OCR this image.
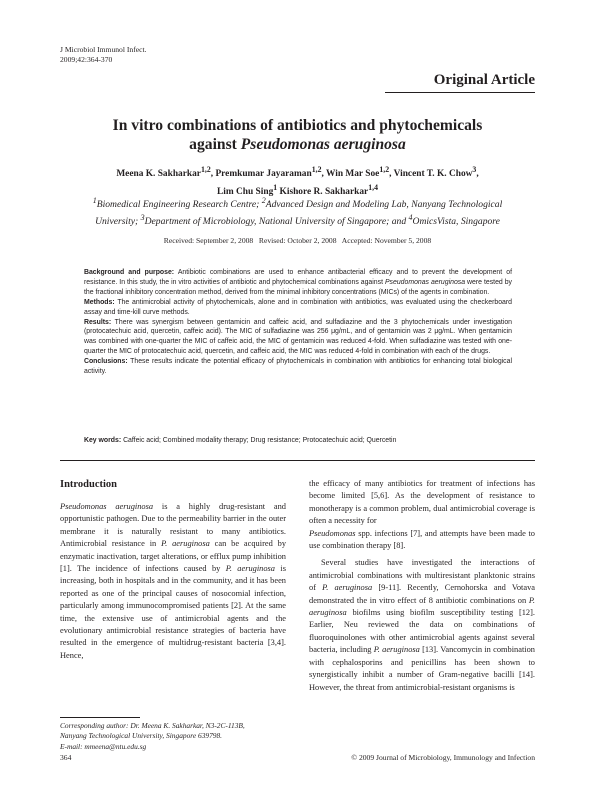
J Microbiol Immunol Infect.
2009;42:364-370
Original Article
In vitro combinations of antibiotics and phytochemicals
against Pseudomonas aeruginosa
Meena K. Sakharkar$^{1,2}$, Premkumar Jayaraman$^{1,2}$, Win Mar Soe$^{1,2}$, Vincent T. K. Chow$^3$,
Lim Chu Sing$^1$ Kishore R. Sakharkar$^{1,4}$
$^1$Biomedical Engineering Research Centre; $^2$Advanced Design and Modeling Lab, Nanyang Technological
University; $^3$Department of Microbiology, National University of Singapore; and $^4$OmicsVista, Singapore
Received: September 2, 2008   Revised: October 2, 2008   Accepted: November 5, 2008

Background and purpose: Antibiotic combinations are used to enhance antibacterial efficacy and to prevent the development of resistance. In this study, the in vitro activities of antibiotic and phytochemical combinations against Pseudomonas aeruginosa were tested by the fractional inhibitory concentration method, derived from the minimal inhibitory concentrations (MICs) of the agents in combination.

Methods: The antimicrobial activity of phytochemicals, alone and in combination with antibiotics, was evaluated using the checkerboard assay and time-kill curve methods.

Results: There was synergism between gentamicin and caffeic acid, and sulfadiazine and the 3 phytochemicals under investigation (protocatechuic acid, quercetin, caffeic acid). The MIC of sulfadiazine was 256 μg/mL, and of gentamicin was 2 μg/mL. When gentamicin was combined with one-quarter the MIC of caffeic acid, the MIC of gentamicin was reduced 4-fold. When sulfadiazine was tested with one-quarter the MIC of protocatechuic acid, quercetin, and caffeic acid, the MIC was reduced 4-fold in combination with each of the drugs.

Conclusions: These results indicate the potential efficacy of phytochemicals in combination with antibiotics for enhancing total biological activity.

Key words: Caffeic acid; Combined modality therapy; Drug resistance; Protocatechuic acid; Quercetin
Introduction

Pseudomonas aeruginosa is a highly drug-resistant and opportunistic pathogen. Due to the permeability barrier in the outer membrane it is naturally resistant to many antibiotics. Antimicrobial resistance in P. aeruginosa can be acquired by enzymatic inactivation, target alterations, or efflux pump inhibition [1]. The incidence of infections caused by P. aeruginosa is increasing, both in hospitals and in the community, and it has been reported as one of the principal causes of nosocomial infection, particularly among immunocompromised patients [2]. At the same time, the extensive use of antimicrobial agents and the evolutionary antimicrobial resistance strategies of bacteria have resulted in the emergence of multidrug-resistant bacteria [3,4]. Hence,

the efficacy of many antibiotics for treatment of infections has become limited [5,6]. As the development of resistance to monotherapy is a common problem, dual antimicrobial coverage is often a necessity for

Pseudomonas spp. infections [7], and attempts have been made to use combination therapy [8].

Several studies have investigated the interactions of antimicrobial combinations with multiresistant planktonic strains of P. aeruginosa [9-11]. Recently, Cernohorska and Votava demonstrated the in vitro effect of 8 antibiotic combinations on P. aeruginosa biofilms using biofilm susceptibility testing [12]. Earlier, Neu reviewed the data on combinations of fluoroquinolones with other antimicrobial agents against several bacteria, including P. aeruginosa [13]. Vancomycin in combination with cephalosporins and penicillins has been shown to synergistically inhibit a number of Gram-negative bacilli [14]. However, the threat from antimicrobial-resistant organisms is

Corresponding author: Dr. Meena K. Sakharkar, N3-2C-113B,
Nanyang Technological University, Singapore 639798.
E-mail: mmeena@ntu.edu.sg
364	© 2009 Journal of Microbiology, Immunology and Infection
